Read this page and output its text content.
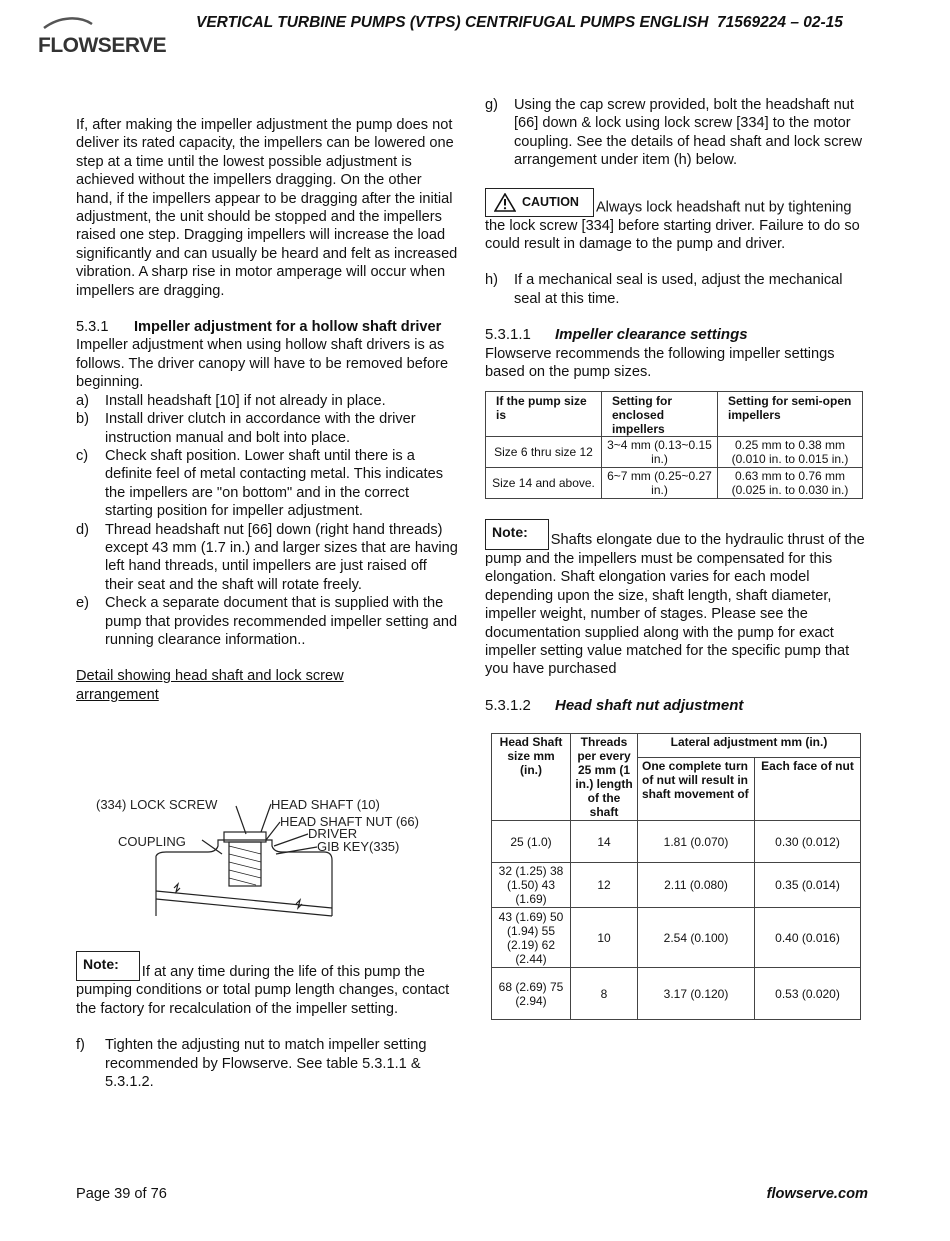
FLOWSERVE
VERTICAL TURBINE PUMPS (VTPS) CENTRIFUGAL PUMPS ENGLISH 71569224 – 02-15

If, after making the impeller adjustment the pump does not deliver its rated capacity, the impellers can be lowered one step at a time until the lowest possible adjustment is achieved without the impellers dragging. On the other hand, if the impellers appear to be dragging after the initial adjustment, the unit should be stopped and the impellers raised one step. Dragging impellers will increase the load significantly and can usually be heard and felt as increased vibration. A sharp rise in motor amperage will occur when impellers are dragging.

5.3.1	Impeller adjustment for a hollow shaft driver

Impeller adjustment when using hollow shaft drivers is as follows. The driver canopy will have to be removed before beginning.

a)	Install headshaft [10] if not already in place.
b)	Install driver clutch in accordance with the driver instruction manual and bolt into place.
c)	Check shaft position. Lower shaft until there is a definite feel of metal contacting metal. This indicates the impellers are "on bottom" and in the correct starting position for impeller adjustment.
d)	Thread headshaft nut [66] down (right hand threads) except 43 mm (1.7 in.) and larger sizes that are having left hand threads, until impellers are just raised off their seat and the shaft will rotate freely.
e)	Check a separate document that is supplied with the pump that provides recommended impeller setting and running clearance information..

Detail showing head shaft and lock screw arrangement

(334) LOCK SCREW	HEAD SHAFT (10)
HEAD SHAFT NUT (66)
DRIVER
GIB KEY(335)
COUPLING

Note: If at any time during the life of this pump the pumping conditions or total pump length changes, contact the factory for recalculation of the impeller setting.

f)	Tighten the adjusting nut to match impeller setting recommended by Flowserve. See table 5.3.1.1 & 5.3.1.2.
g)	Using the cap screw provided, bolt the headshaft nut [66] down & lock using lock screw [334] to the motor coupling. See the details of head shaft and lock screw arrangement under item (h) below.

CAUTION Always lock headshaft nut by tightening the lock screw [334] before starting driver. Failure to do so could result in damage to the pump and driver.

h)	If a mechanical seal is used, adjust the mechanical seal at this time.
5.3.1.1	Impeller clearance settings

Flowserve recommends the following impeller settings based on the pump sizes.

If the pump size is	Setting for enclosed impellers	Setting for semi-open impellers
Size 6 thru size 12	3~4 mm (0.13~0.15 in.)	0.25 mm to 0.38 mm (0.010 in. to 0.015 in.)
Size 14 and above.	6~7 mm (0.25~0.27 in.)	0.63 mm to 0.76 mm (0.025 in. to 0.030 in.)

Note: Shafts elongate due to the hydraulic thrust of the pump and the impellers must be compensated for this elongation. Shaft elongation varies for each model depending upon the size, shaft length, shaft diameter, impeller weight, number of stages. Please see the documentation supplied along with the pump for exact impeller setting value matched for the specific pump that you have purchased

5.3.1.2	Head shaft nut adjustment
Head Shaft size mm (in.)	Threads per every 25 mm (1 in.) length of the shaft	Lateral adjustment mm (in.)	
		One complete turn of nut will result in shaft movement of	Each face of nut
25 (1.0)	14	1.81 (0.070)	0.30 (0.012)
32 (1.25) 38 (1.50) 43 (1.69)	12	2.11 (0.080)	0.35 (0.014)
43 (1.69) 50 (1.94) 55 (2.19) 62 (2.44)	10	2.54 (0.100)	0.40 (0.016)
68 (2.69) 75 (2.94)	8	3.17 (0.120)	0.53 (0.020)
Page 39 of 76	flowserve.com
